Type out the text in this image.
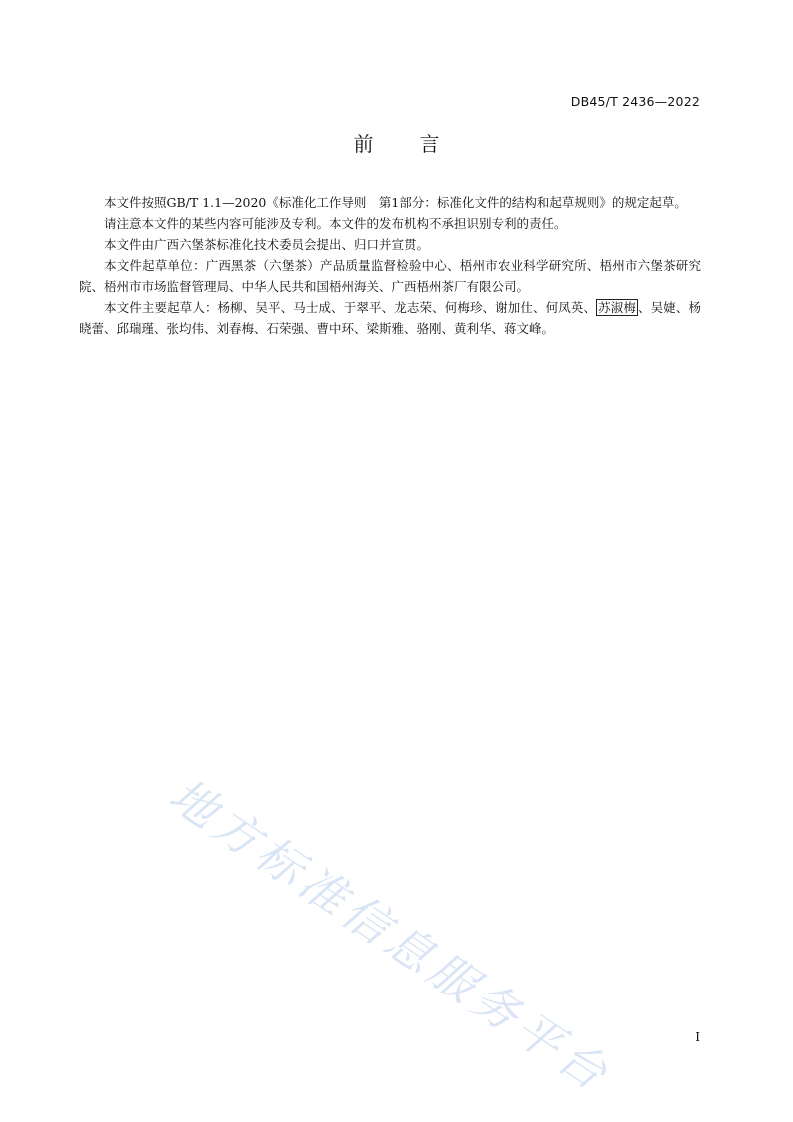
DB45/T 2436—2022
前 言

本文件按照GB/T 1.1—2020《标准化工作导则　第1部分：标准化文件的结构和起草规则》的规定起草。

请注意本文件的某些内容可能涉及专利。本文件的发布机构不承担识别专利的责任。

本文件由广西六堡茶标准化技术委员会提出、归口并宣贯。

本文件起草单位：广西黑茶（六堡茶）产品质量监督检验中心、梧州市农业科学研究所、梧州市六堡茶研究院、梧州市市场监督管理局、中华人民共和国梧州海关、广西梧州茶厂有限公司。

本文件主要起草人：杨柳、吴平、马士成、于翠平、龙志荣、何梅珍、谢加仕、何凤英、 苏淑梅 、吴婕、杨晓蕾、邱瑞瑾、张均伟、刘春梅、石荣强、曹中环、梁斯雅、骆刚、黄利华、蒋文峰。

地方标准信息服务平台	I
